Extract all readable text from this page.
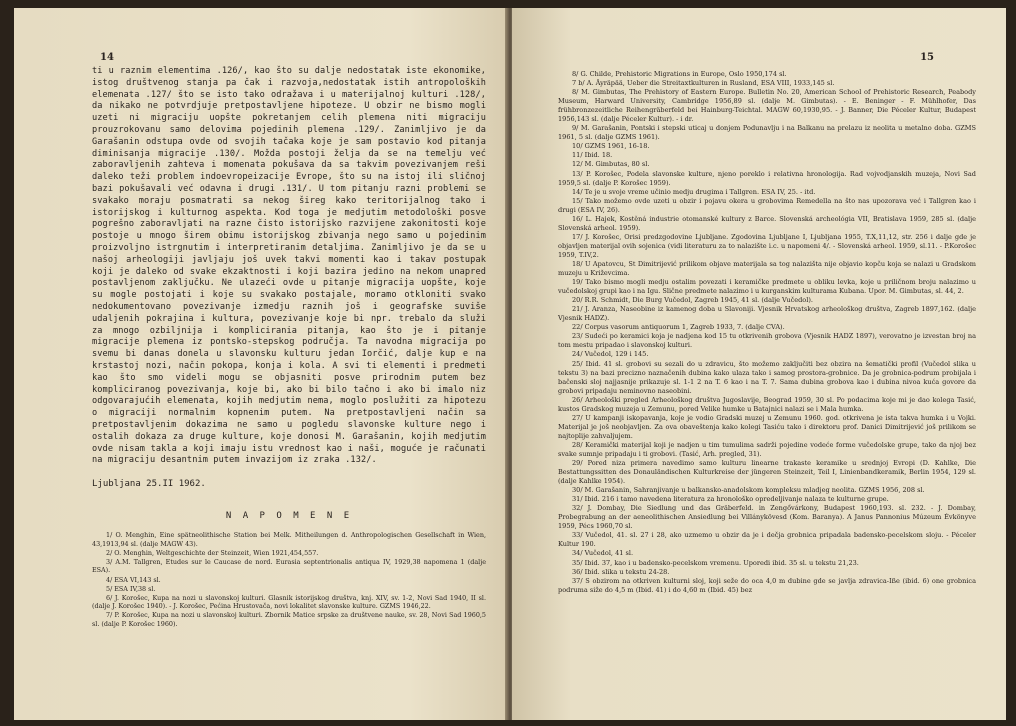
14

ti u raznim elementima .126/, kao što su dalje nedostatak iste ekonomike, istog društvenog stanja pa čak i razvoja,nedostatak istih antropoloških elemenata .127/ što se isto tako odražava i u materijalnoj kulturi .128/, da nikako ne potvrdjuje pretpostavljene hipoteze. U obzir ne bismo mogli uzeti ni migraciju uopšte pokretanjem celih plemena niti migraciju prouzrokovanu samo delovima pojedinih plemena .129/. Zanimljivo je da Garašanin odstupa ovde od svojih tačaka koje je sam postavio kod pitanja diminisanja migracije .130/. Možda postoji želja da se na temelju već zaboravljenih zahteva i momenata pokušava da sa takvim povezivanjem reši daleko teži problem indoevropeizacije Evrope, što su na istoj ili sličnoj bazi pokušavali već odavna i drugi .131/. U tom pitanju razni problemi se svakako moraju posmatrati sa nekog šireg kako teritorijalnog tako i istorijskog i kulturnog aspekta. Kod toga je medjutim metodološki posve pogrešno zaboravljati na razne čisto istorijsko razvijene zakonitosti koje postoje u mnogo širem obimu istorijskog zbivanja nego samo u pojedinim proizvoljno istrgnutim i interpretiranim detaljima. Zanimljivo je da se u našoj arheologiji javljaju još uvek takvi momenti kao i takav postupak koji je daleko od svake ekzaktnosti i koji bazira jedino na nekom unapred postavljenom zaključku. Ne ulazeći ovde u pitanje migracija uopšte, koje su mogle postojati i koje su svakako postajale, moramo otkloniti svako nedokumentovano povezivanje izmedju raznih još i geografske suviše udaljenih pokrajina i kultura, povezivanje koje bi npr. trebalo da služi za mnogo ozbiljnija i komplicirania pitanja, kao što je i pitanje migracije plemena iz pontsko-stepskog područja. Ta navodna migracija po svemu bi danas donela u slavonsku kulturu jedan Iorčić, dalje kup e na krstastoj nozi, način pokopa, konja i kola. A svi ti elementi i predmeti kao što smo videli mogu se objasniti posve prirodnim putem bez kompliciranog povezivanja, koje bi, ako bi bilo tačno i ako bi imalo niz odgovarajućih elemenata, kojih medjutim nema, moglo poslužiti za hipotezu o migraciji normalnim kopnenim putem. Na pretpostavljeni način sa pretpostavljenim dokazima ne samo u pogledu slavonske kulture nego i ostalih dokaza za druge kulture, koje donosi M. Garašanin, kojih medjutim ovde nisam takla a koji imaju istu vrednost kao i naši, moguće je računati na migraciju desantnim putem invazijom iz zraka .132/.

Ljubljana 25.II 1962.
N A P O M E N E

1/ O. Menghin, Eine spätneolithische Station bei Melk. Mitheilungen d. Anthropologischen Gesellschaft in Wien, 43,1913,94 sl. (dalje MAGW 43).

2/ O. Menghin, Weltgeschichte der Steinzeit, Wien 1921,454,557.

3/ A.M. Tallgren, Etudes sur le Caucase de nord. Eurasia septentrionalis antiqua IV, 1929,38 napomena 1 (dalje ESA).

4/ ESA VI,143 sl.

5/ ESA IV,38 sl.

6/ J. Korošec, Kupa na nozi u slavonskoj kulturi. Glasnik istorijskog društva, knj. XIV, sv. 1-2, Novi Sad 1940, II sl. (dalje J. Korošec 1940). - J. Korošec, Pećina Hrustovača, novi lokalitet slavonske kulture. GZMS 1946,22.

7/ P. Korošec, Kupa na nozi u slavonskoj kulturi. Zbornik Matice srpske za društvene nauke, sv. 28, Novi Sad 1960,5 sl. (dalje P. Korošec 1960).

15

8/ G. Childe, Prehistoric Migrations in Europe, Oslo 1950,174 sl.

7 b/ A. Äyräpää, Ueber die Streitaxtkulturen in Rusland, ESA VIII, 1933,145 sl.

8/ M. Gimbutas, The Prehistory of Eastern Europe. Bulletin No. 20, American School of Prehistoric Research, Peabody Museum, Harward University, Cambridge 1956,89 sl. (dalje M. Gimbutas). - E. Beninger - F. Mühlhofer, Das frühbronzezeitliche Reihengräberfeld bei Hainburg-Teichtal. MAGW 60,1930,95. - J. Banner, Die Péceler Kultur, Budapest 1956,143 sl. (dalje Péceler Kultur). - i dr.

9/ M. Garašanin, Pontski i stepski uticaj u donjem Podunavlju i na Balkanu na prelazu iz neolita u metalno doba. GZMS 1961, 5 sl. (dalje GZMS 1961).

10/ GZMS 1961, 16-18.

11/ Ibid. 18.

12/ M. Gimbutas, 80 sl.

13/ P. Korošec, Podela slavonske kulture, njeno poreklo i relativna hronologija. Rad vojvodjanskih muzeja, Novi Sad 1959,5 sl. (dalje P. Korošec 1959).

14/ Te je u svoje vreme učinio medju drugima i Tallgren. ESA IV, 25. - itd.

15/ Tako možemo ovde uzeti u obzir i pojavu okera u grobovima Remedella na što nas upozorava već i Tallgren kao i drugi (ESA IV, 26).

16/ L. Hajek, Kostěná industrie otomanské kultury z Barce. Slovenská archeológia VII, Bratislava 1959, 285 sl. (dalje Slovenská arheol. 1959).

17/ J. Korošec, Orisi predzgodovine Ljubljane. Zgodovina Ljubljane I, Ljubljana 1955, T.X,11,12, str. 256 i dalje gde je objavljen materijal ovih sojenica (vidi literaturu za to nalazište i.c. u napomeni 4/. - Slovenská arheol. 1959, sl.11. - P.Korošec 1959, T.IV,2.

18/ U Apatovcu, St Dimitrijević prilikom objave materijala sa tog nalazišta nije objavio kopču koja se nalazi u Gradskom muzeju u Križevcima.

19/ Tako bismo mogli medju ostalim povezati i keramičke predmete u obliku levka, koje u priličnom broju nalazimo u vučedolskoj grupi kao i na Igu. Slične predmete nalazimo i u kurganskim kulturama Kubana. Upor. M. Gimbutas, sl. 44, 2.

20/ R.R. Schmidt, Die Burg Vučedol, Zagreb 1945, 41 sl. (dalje Vučedol).

21/ J. Aranza, Naseobine iz kamenog doba u Slavoniji. Vjesnik Hrvatskog arheološkog društva, Zagreb 1897,162. (dalje Vjesnik HADZ).

22/ Corpus vasorum antiquorum 1, Zagreb 1933, 7. (dalje CVA).

23/ Sudeći po keramici koja je nadjena kod 15 tu otkrivenih grobova (Vjesnik HADZ 1897), verovatno je izvestan broj na tom mestu pripadao i slavonskoj kulturi.

24/ Vučedol, 129 i 145.

25/ Ibid. 41 sl. grobovi su sezali do u zdravicu, što možemo zaključiti bez obzira na šematički profil (Vučedol slika u tekstu 3) na bazi precizno naznačenih dubina kako ulaza tako i samog prostora-grobnice. Da je grobnica-podrum probijala i bačenski sloj najjasnije prikazuje sl. 1-1 2 na T. 6 kao i na T. 7. Sama dubina grobova kao i dubina nivoa kuća govore da grobovi pripadaju neminovno naseobini.

26/ Arheološki pregled Arheološkog društva Jugoslavije, Beograd 1959, 30 sl. Po podacima koje mi je dao kolega Tasić, kustos Gradskog muzeja u Zemunu, pored Velike humke u Batajnici nalazi se i Mala humka.

27/ U kampanji iskopavanja, koje je vodio Gradski muzej u Zemunu 1960. god. otkrivena je ista takva humka i u Vojki. Materijal je još neobjavljen. Za ova obaveštenja kako kolegi Tasiću tako i direktoru prof. Danici Dimitrijević još prilikom se najtoplije zahvaljujem.

28/ Keramički materijal koji je nadjen u tim tumulima sadrži pojedine vodeće forme vučedolske grupe, tako da njoj bez svake sumnje pripadaju i ti grobovi. (Tasić, Arh. pregled, 31).

29/ Pored niza primera navedimo samo kulturu linearne trakaste keramike u srednjoj Evropi (D. Kahlke, Die Bestattungssitten des Donauländischen Kulturkreise der jüngeren Steinzeit, Teil I, Linienbandkeramik, Berlin 1954, 129 sl. (dalje Kahlke 1954).

30/ M. Garašanin, Sahranjivanje u balkansko-anadolskom kompleksu mladjeg neolita. GZMS 1956, 208 sl.

31/ Ibid. 216 i tamo navedena literatura za hronološko opredeljivanje nalaza te kulturne grupe.

32/ J. Dombay, Die Siedlung und das Gräberfeld. in Zengővárkony, Budapest 1960,193. sl. 232. - J. Dombay, Probegrabung an der aeneolithischen Ansiedlung bei Villánykövesd (Kom. Baranya). A Janus Pannonius Múzeum Évkönyve 1959, Pécs 1960,70 sl.

33/ Vučedol, 41. sl. 27 i 28, ako uzmemo u obzir da je i dečja grobnica pripadala badensko-pecelskom sloju. - Péceler Kultur 190.

34/ Vučedol, 41 sl.

35/ Ibid. 37, kao i u badensko-pecelskom vremenu. Uporedi ibid. 35 sl. u tekstu 21,23.

36/ Ibid. slika u tekstu 24-28.

37/ S obzirom na otkriven kulturni sloj, koji seže do oca 4,0 m dubine gde se javlja zdravica-Iße (ibid. 6) one grobnica podruma siže do 4,5 m (Ibid. 41) i do 4,60 m (Ibid. 45) bez
